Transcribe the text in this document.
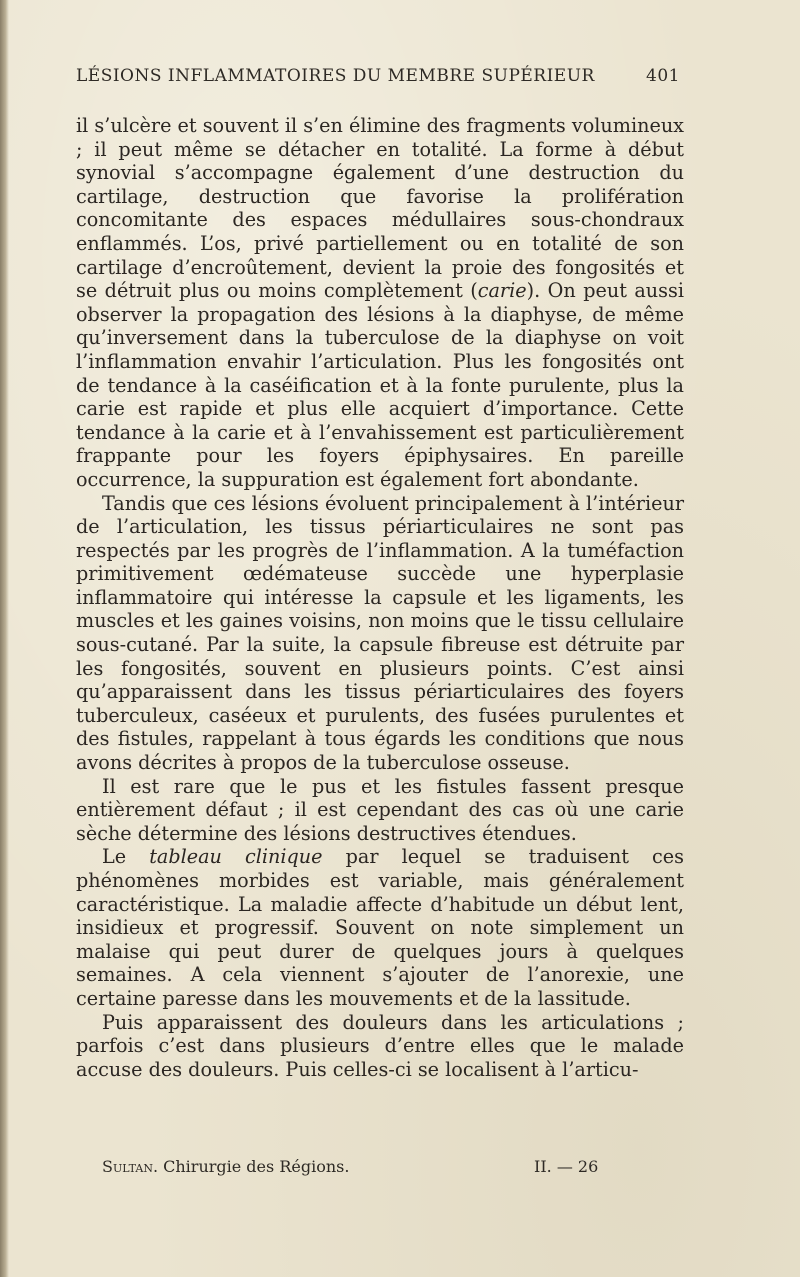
LÉSIONS INFLAMMATOIRES DU MEMBRE SUPÉRIEUR	401

il s’ulcère et souvent il s’en élimine des fragments volumineux ; il peut même se détacher en totalité. La forme à début synovial s’accompagne également d’une destruction du cartilage, destruction que favorise la prolifération concomitante des espaces médullaires sous-chondraux enflammés. L’os, privé partiellement ou en totalité de son cartilage d’encroûtement, devient la proie des fongosités et se détruit plus ou moins complètement (carie). On peut aussi observer la propagation des lésions à la diaphyse, de même qu’inversement dans la tuberculose de la diaphyse on voit l’inflammation envahir l’articulation. Plus les fongosités ont de tendance à la caséification et à la fonte purulente, plus la carie est rapide et plus elle acquiert d’importance. Cette tendance à la carie et à l’envahissement est particulièrement frappante pour les foyers épiphysaires. En pareille occurrence, la suppuration est également fort abondante.

Tandis que ces lésions évoluent principalement à l’intérieur de l’articulation, les tissus périarticulaires ne sont pas respectés par les progrès de l’inflammation. A la tuméfaction primitivement œdémateuse succède une hyperplasie inflammatoire qui intéresse la capsule et les ligaments, les muscles et les gaines voisins, non moins que le tissu cellulaire sous-cutané. Par la suite, la capsule fibreuse est détruite par les fongosités, souvent en plusieurs points. C’est ainsi qu’apparaissent dans les tissus périarticulaires des foyers tuberculeux, caséeux et purulents, des fusées purulentes et des fistules, rappelant à tous égards les conditions que nous avons décrites à propos de la tuberculose osseuse.

Il est rare que le pus et les fistules fassent presque entièrement défaut ; il est cependant des cas où une carie sèche détermine des lésions destructives étendues.

Le tableau clinique par lequel se traduisent ces phénomènes morbides est variable, mais généralement caractéristique. La maladie affecte d’habitude un début lent, insidieux et progressif. Souvent on note simplement un malaise qui peut durer de quelques jours à quelques semaines. A cela viennent s’ajouter de l’anorexie, une certaine paresse dans les mouvements et de la lassitude.

Puis apparaissent des douleurs dans les articulations ; parfois c’est dans plusieurs d’entre elles que le malade accuse des douleurs. Puis celles-ci se localisent à l’articu-

Sultan. Chirurgie des Régions.	II. — 26
